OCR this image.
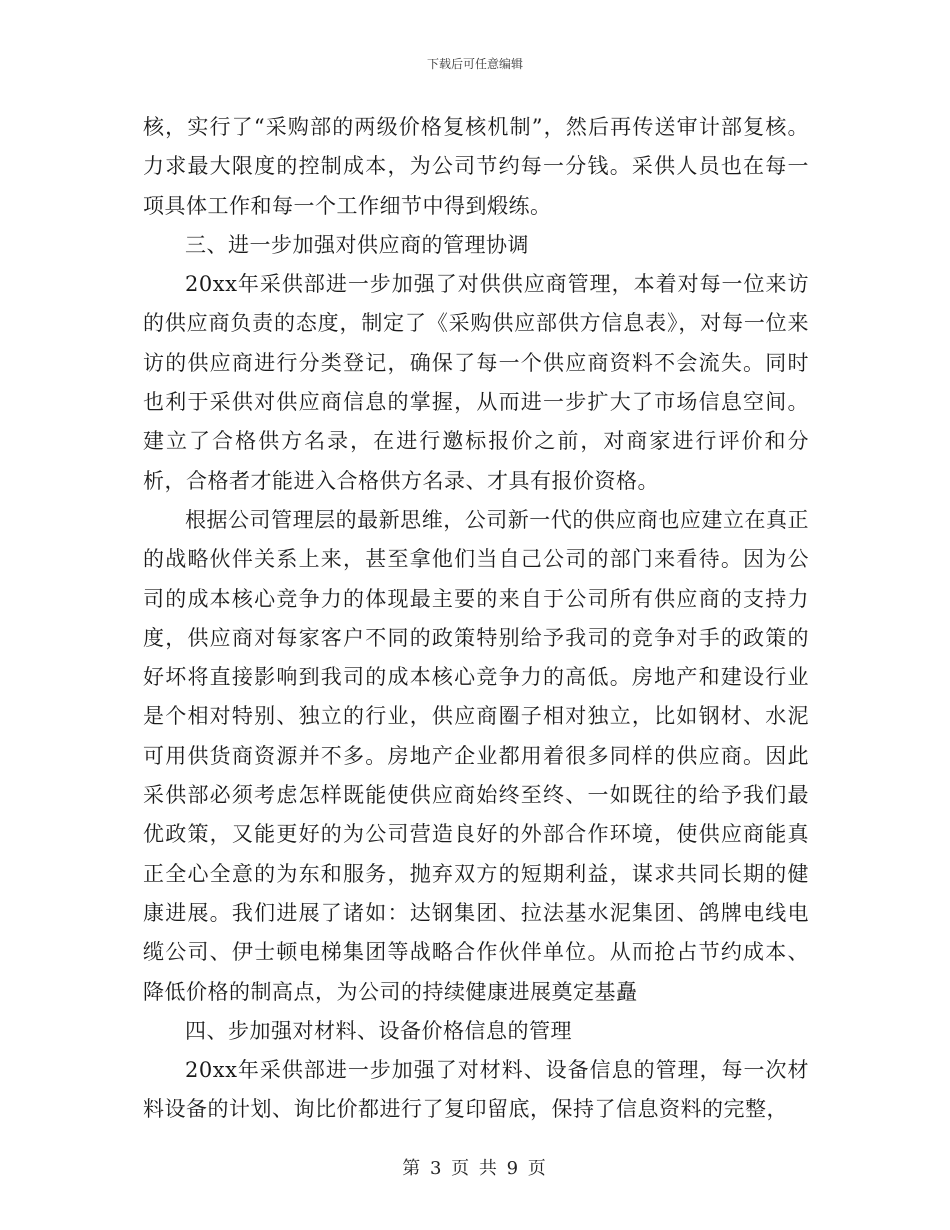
下载后可任意编辑

核，实行了“采购部的两级价格复核机制”，然后再传送审计部复核。力求最大限度的控制成本，为公司节约每一分钱。采供人员也在每一项具体工作和每一个工作细节中得到煅练。

三、进一步加强对供应商的管理协调

20xx年采供部进一步加强了对供供应商管理，本着对每一位来访的供应商负责的态度，制定了《采购供应部供方信息表》，对每一位来访的供应商进行分类登记，确保了每一个供应商资料不会流失。同时也利于采供对供应商信息的掌握，从而进一步扩大了市场信息空间。建立了合格供方名录，在进行邀标报价之前，对商家进行评价和分析，合格者才能进入合格供方名录、才具有报价资格。

根据公司管理层的最新思维，公司新一代的供应商也应建立在真正的战略伙伴关系上来，甚至拿他们当自己公司的部门来看待。因为公司的成本核心竞争力的体现最主要的来自于公司所有供应商的支持力度，供应商对每家客户不同的政策特别给予我司的竞争对手的政策的好坏将直接影响到我司的成本核心竞争力的高低。房地产和建设行业是个相对特别、独立的行业，供应商圈子相对独立，比如钢材、水泥可用供货商资源并不多。房地产企业都用着很多同样的供应商。因此采供部必须考虑怎样既能使供应商始终至终、一如既往的给予我们最优政策，又能更好的为公司营造良好的外部合作环境，使供应商能真正全心全意的为东和服务，抛弃双方的短期利益，谋求共同长期的健康进展。我们进展了诸如：达钢集团、拉法基水泥集团、鸽牌电线电缆公司、伊士顿电梯集团等战略合作伙伴单位。从而抢占节约成本、降低价格的制高点，为公司的持续健康进展奠定基矗

四、步加强对材料、设备价格信息的管理

20xx年采供部进一步加强了对材料、设备信息的管理，每一次材料设备的计划、询比价都进行了复印留底，保持了信息资料的完整，

第 3 页 共 9 页
